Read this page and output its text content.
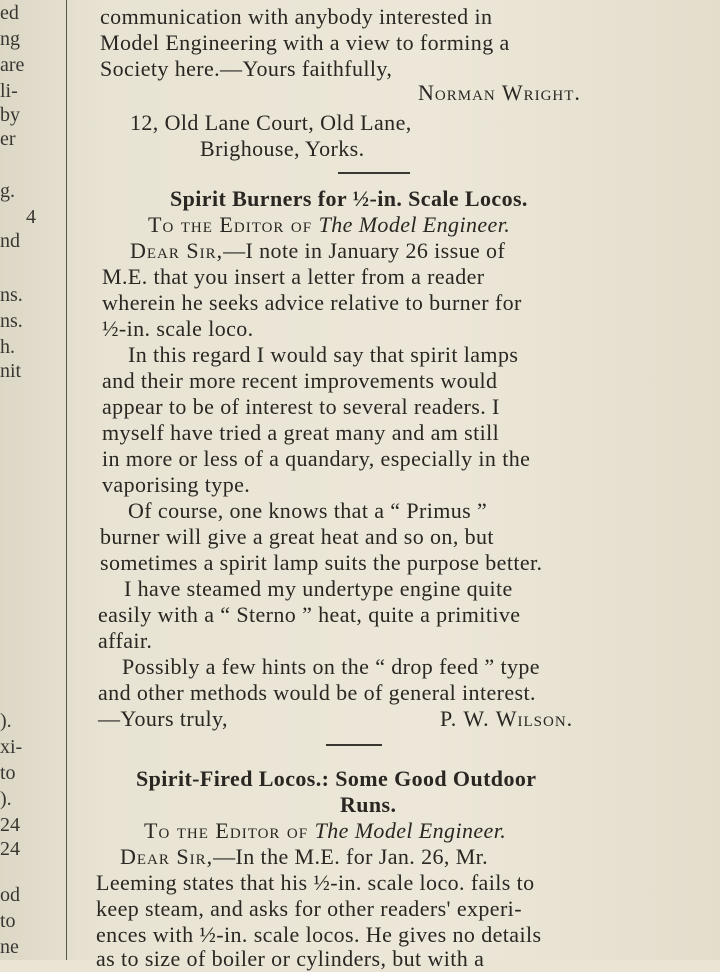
ed
ng
are
li-
by
er
g.
4
nd
ns.
ns.
h.
nit
).
xi-
to
).
24
24
od
to
ne
communication with anybody interested in
Model Engineering with a view to forming a
Society here.—Yours faithfully,
Norman Wright.
12, Old Lane Court, Old Lane,
Brighouse, Yorks.
Spirit Burners for ½-in. Scale Locos.
To the Editor of The Model Engineer.
Dear Sir,—I note in January 26 issue of
M.E. that you insert a letter from a reader
wherein he seeks advice relative to burner for
½-in. scale loco.
In this regard I would say that spirit lamps
and their more recent improvements would
appear to be of interest to several readers. I
myself have tried a great many and am still
in more or less of a quandary, especially in the
vaporising type.
Of course, one knows that a “ Primus ”
burner will give a great heat and so on, but
sometimes a spirit lamp suits the purpose better.
I have steamed my undertype engine quite
easily with a “ Sterno ” heat, quite a primitive
affair.
Possibly a few hints on the “ drop feed ” type
and other methods would be of general interest.
—Yours truly,	P. W. Wilson.
Spirit-Fired Locos.: Some Good Outdoor
Runs.
To the Editor of The Model Engineer.
Dear Sir,—In the M.E. for Jan. 26, Mr.
Leeming states that his ½-in. scale loco. fails to
keep steam, and asks for other readers' experi-
ences with ½-in. scale locos. He gives no details
as to size of boiler or cylinders, but with a
